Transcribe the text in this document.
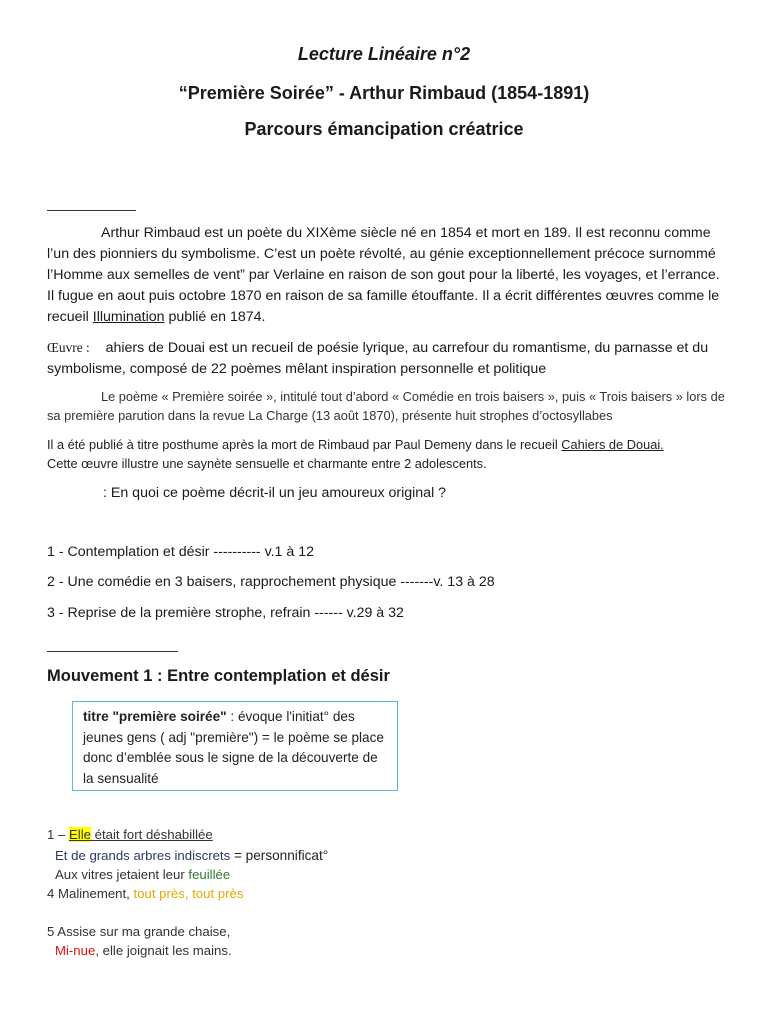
Lecture Linéaire n°2
“Première Soirée” - Arthur Rimbaud (1854-1891)
Parcours émancipation créatrice
Arthur Rimbaud est un poète du XIXème siècle né en 1854 et mort en 189. Il est reconnu comme l’un des pionniers du symbolisme. C’est un poète révolté, au génie exceptionnellement précoce surnommé l’Homme aux semelles de vent” par Verlaine en raison de son gout pour la liberté, les voyages, et l’errance. Il fugue en aout puis octobre 1870 en raison de sa famille étouffante. Il a écrit différentes œuvres comme le recueil Illumination publié en 1874.
Œuvre : ahiers de Douai est un recueil de poésie lyrique, au carrefour du romantisme, du parnasse et du symbolisme, composé de 22 poèmes mêlant inspiration personnelle et politique
Le poème « Première soirée », intitulé tout d’abord « Comédie en trois baisers », puis « Trois baisers » lors de sa première parution dans la revue La Charge (13 août 1870), présente huit strophes d’octosyllabes
Il a été publié à titre posthume après la mort de Rimbaud par Paul Demeny dans le recueil Cahiers de Douai.
Cette œuvre illustre une saynète sensuelle et charmante entre 2 adolescents.
: En quoi ce poème décrit-il un jeu amoureux original ?
1 - Contemplation et désir ---------- v.1 à 12
2 - Une comédie en 3 baisers, rapprochement physique -------v. 13 à 28
3 - Reprise de la première strophe, refrain ------ v.29 à 32
Mouvement 1 : Entre contemplation et désir
titre "première soirée" : évoque l'initiat° des jeunes gens ( adj "première") = le poème se place donc d’emblée sous le signe de la découverte de la sensualité
1 – Elle était fort déshabillée
Et de grands arbres indiscrets = personnificat°
Aux vitres jetaient leur feuillée
4 Malinement, tout près, tout près
5 Assise sur ma grande chaise,
Mi-nue, elle joignait les mains.
